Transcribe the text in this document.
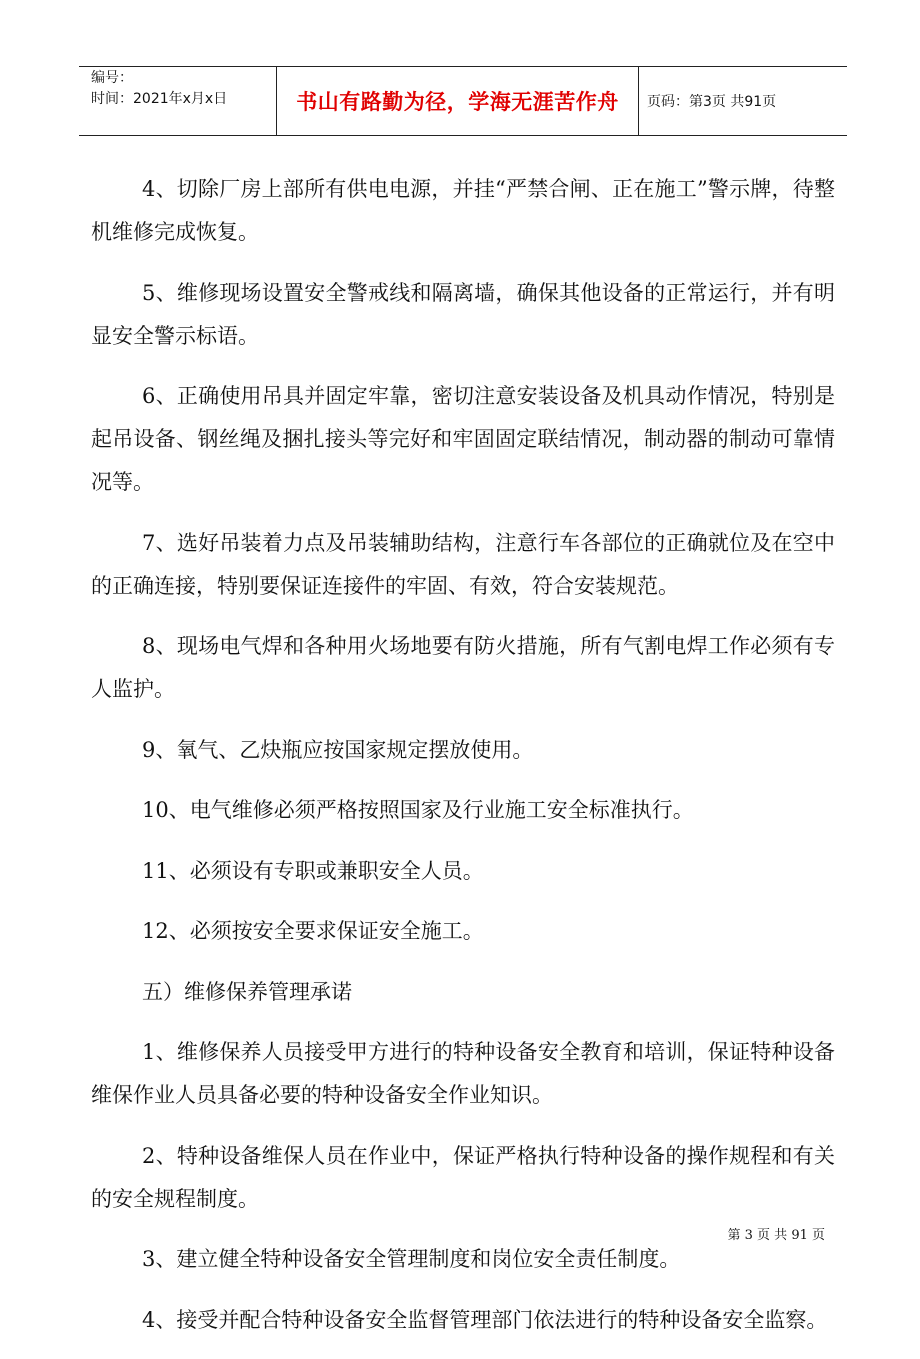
编号：
时间：2021年x月x日	书山有路勤为径，学海无涯苦作舟 页码：第3页 共91页

4、切除厂房上部所有供电电源，并挂“严禁合闸、正在施工”警示牌，待整机维修完成恢复。

5、维修现场设置安全警戒线和隔离墙，确保其他设备的正常运行，并有明显安全警示标语。

6、正确使用吊具并固定牢靠，密切注意安装设备及机具动作情况，特别是起吊设备、钢丝绳及捆扎接头等完好和牢固固定联结情况，制动器的制动可靠情况等。

7、选好吊装着力点及吊装辅助结构，注意行车各部位的正确就位及在空中的正确连接，特别要保证连接件的牢固、有效，符合安装规范。

8、现场电气焊和各种用火场地要有防火措施，所有气割电焊工作必须有专人监护。

9、氧气、乙炔瓶应按国家规定摆放使用。

10、电气维修必须严格按照国家及行业施工安全标准执行。

11、必须设有专职或兼职安全人员。

12、必须按安全要求保证安全施工。

五）维修保养管理承诺

1、维修保养人员接受甲方进行的特种设备安全教育和培训，保证特种设备维保作业人员具备必要的特种设备安全作业知识。

2、特种设备维保人员在作业中，保证严格执行特种设备的操作规程和有关的安全规程制度。

3、建立健全特种设备安全管理制度和岗位安全责任制度。

4、接受并配合特种设备安全监督管理部门依法进行的特种设备安全监察。

第 3 页 共 91 页
